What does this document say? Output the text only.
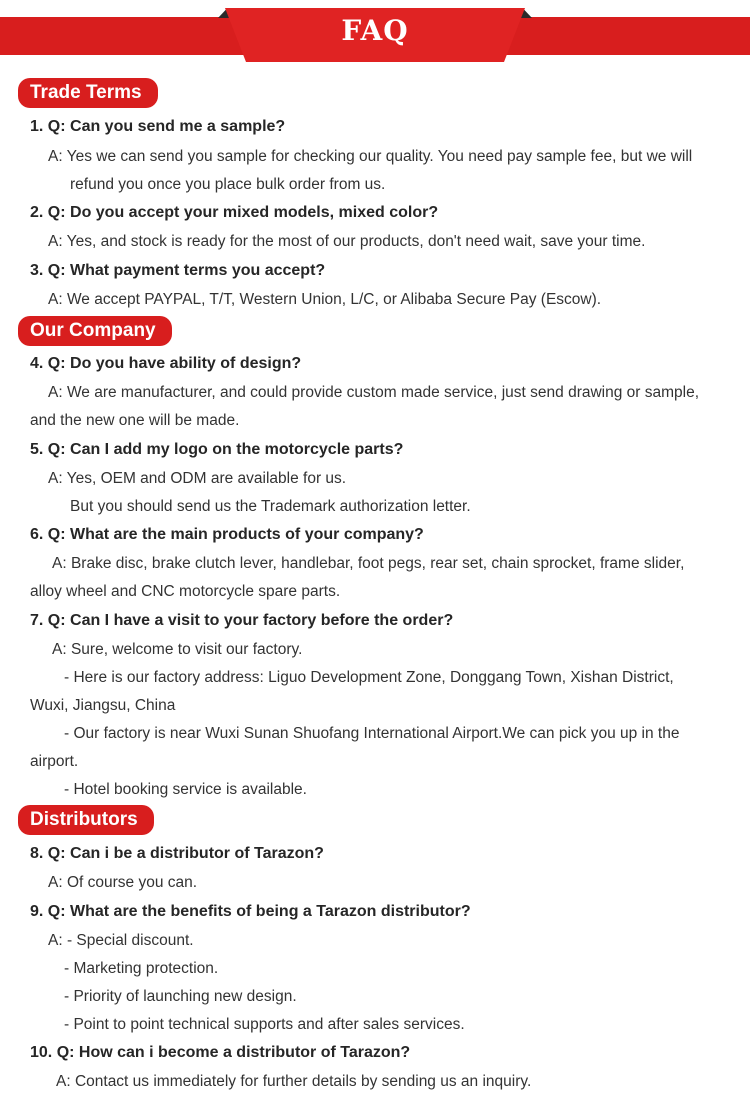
FAQ
Trade Terms
1. Q: Can you send me a sample?
A: Yes we can send you sample for checking our quality. You need pay sample fee, but we will
refund you once you place bulk order from us.
2. Q: Do you accept your mixed models, mixed color?
A: Yes, and stock is ready for the most of our products, don't need wait, save your time.
3. Q: What payment terms you accept?
A: We accept PAYPAL, T/T, Western Union, L/C, or Alibaba Secure Pay (Escow).
Our Company
4. Q: Do you have ability of design?
A: We are manufacturer, and could provide custom made service, just send drawing or sample,
and the new one will be made.
5. Q: Can I add my logo on the motorcycle parts?
A: Yes, OEM and ODM are available for us.
But you should send us the Trademark authorization letter.
6. Q: What are the main products of your company?
A: Brake disc, brake clutch lever, handlebar, foot pegs, rear set, chain sprocket, frame slider,
alloy wheel and CNC motorcycle spare parts.
7. Q: Can I have a visit to your factory before the order?
A: Sure, welcome to visit our factory.
- Here is our factory address: Liguo Development Zone, Donggang Town, Xishan District,
Wuxi, Jiangsu, China
- Our factory is near Wuxi Sunan Shuofang International Airport.We can pick you up in the
airport.
- Hotel booking service is available.
Distributors
8. Q: Can i be a distributor of Tarazon?
A: Of course you can.
9. Q: What are the benefits of being a Tarazon distributor?
A: - Special discount.
- Marketing protection.
- Priority of launching new design.
- Point to point technical supports and after sales services.
10. Q: How can i become a distributor of Tarazon?
A: Contact us immediately for further details by sending us an inquiry.
